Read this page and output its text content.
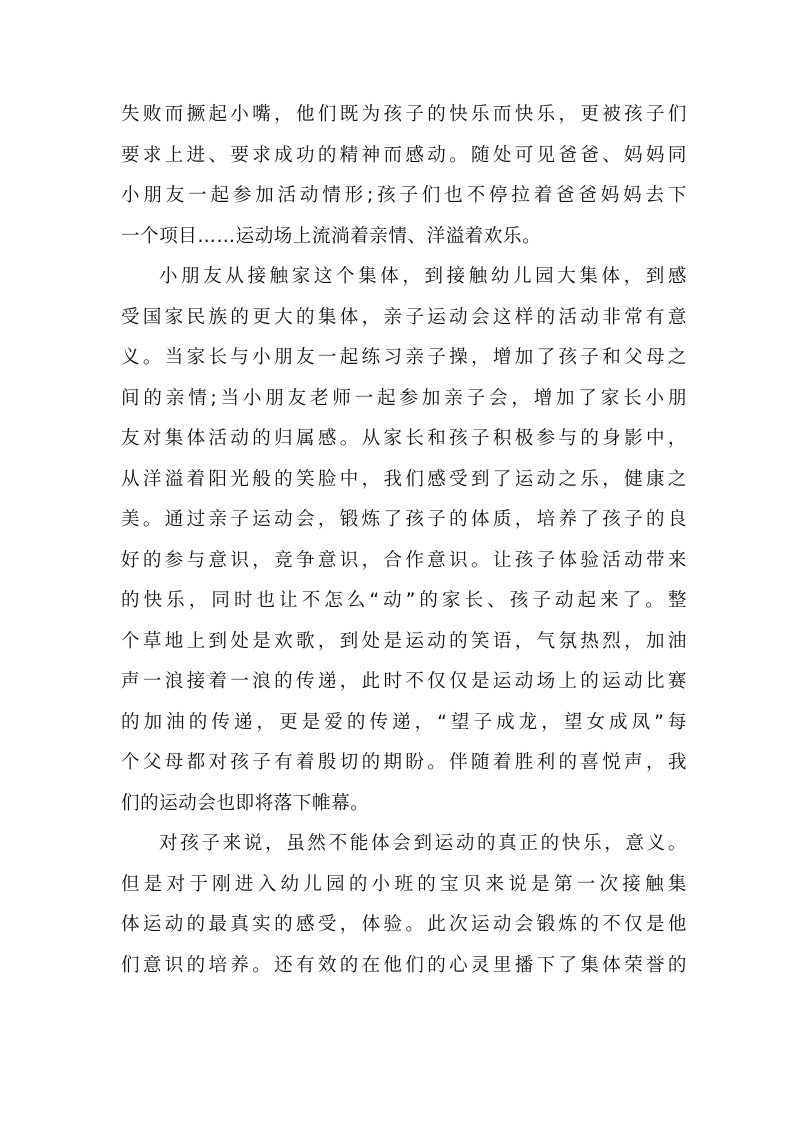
失败而撅起小嘴，他们既为孩子的快乐而快乐，更被孩子们
要求上进、要求成功的精神而感动。随处可见爸爸、妈妈同
小朋友一起参加活动情形;孩子们也不停拉着爸爸妈妈去下
一个项目……运动场上流淌着亲情、洋溢着欢乐。
小朋友从接触家这个集体，到接触幼儿园大集体，到感
受国家民族的更大的集体，亲子运动会这样的活动非常有意
义。当家长与小朋友一起练习亲子操，增加了孩子和父母之
间的亲情;当小朋友老师一起参加亲子会，增加了家长小朋
友对集体活动的归属感。从家长和孩子积极参与的身影中，
从洋溢着阳光般的笑脸中，我们感受到了运动之乐，健康之
美。通过亲子运动会，锻炼了孩子的体质，培养了孩子的良
好的参与意识，竞争意识，合作意识。让孩子体验活动带来
的快乐，同时也让不怎么“动”的家长、孩子动起来了。整
个草地上到处是欢歌，到处是运动的笑语，气氛热烈，加油
声一浪接着一浪的传递，此时不仅仅是运动场上的运动比赛
的加油的传递，更是爱的传递，“望子成龙，望女成凤”每
个父母都对孩子有着殷切的期盼。伴随着胜利的喜悦声，我
们的运动会也即将落下帷幕。
对孩子来说，虽然不能体会到运动的真正的快乐，意义。
但是对于刚进入幼儿园的小班的宝贝来说是第一次接触集
体运动的最真实的感受，体验。此次运动会锻炼的不仅是他
们意识的培养。还有效的在他们的心灵里播下了集体荣誉的
